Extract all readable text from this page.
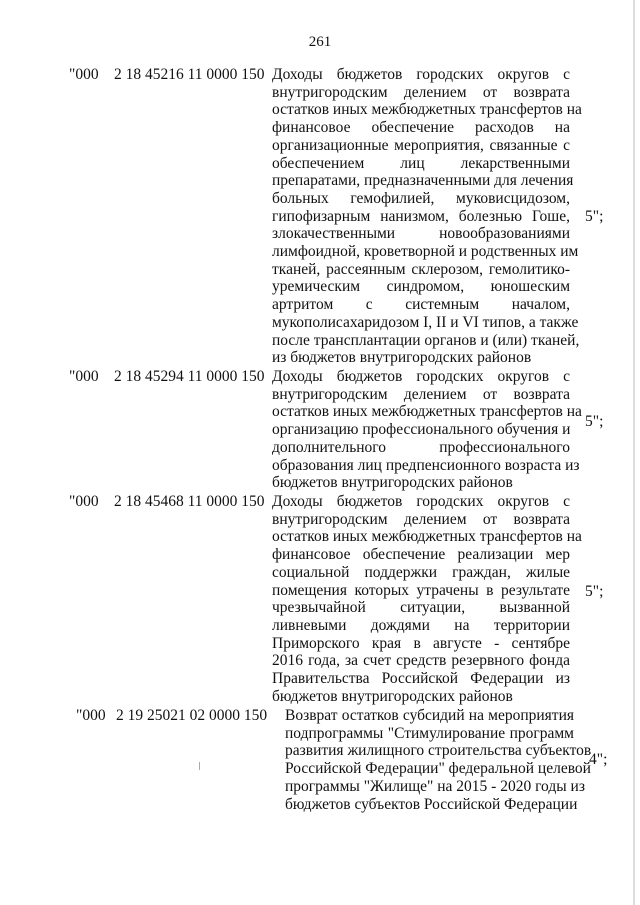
261
"000 2 18 45216 11 0000 150 Доходы бюджетов городских округов с
внутригородским делением от возврата
остатков иных межбюджетных трансфертов на
финансовое обеспечение расходов на
организационные мероприятия, связанные с
обеспечением лиц лекарственными
препаратами, предназначенными для лечения
больных гемофилией, муковисцидозом,
гипофизарным нанизмом, болезнью Гоше,
злокачественными новообразованиями
лимфоидной, кроветворной и родственных им
тканей, рассеянным склерозом, гемолитико-
уремическим синдромом, юношеским
артритом с системным началом,
мукополисахаридозом I, II и VI типов, а также
после трансплантации органов и (или) тканей,
из бюджетов внутригородских районов
5";
"000 2 18 45294 11 0000 150 Доходы бюджетов городских округов с
внутригородским делением от возврата
остатков иных межбюджетных трансфертов на
организацию профессионального обучения и
дополнительного профессионального
образования лиц предпенсионного возраста из
бюджетов внутригородских районов
5";
"000 2 18 45468 11 0000 150 Доходы бюджетов городских округов с
внутригородским делением от возврата
остатков иных межбюджетных трансфертов на
финансовое обеспечение реализации мер
социальной поддержки граждан, жилые
помещения которых утрачены в результате
чрезвычайной ситуации, вызванной
ливневыми дождями на территории
Приморского края в августе - сентябре
2016 года, за счет средств резервного фонда
Правительства Российской Федерации из
бюджетов внутригородских районов
5";
"000 2 19 25021 02 0000 150 Возврат остатков субсидий на мероприятия
подпрограммы "Стимулирование программ
развития жилищного строительства субъектов
Российской Федерации" федеральной целевой
программы "Жилище" на 2015 - 2020 годы из
бюджетов субъектов Российской Федерации
4";
